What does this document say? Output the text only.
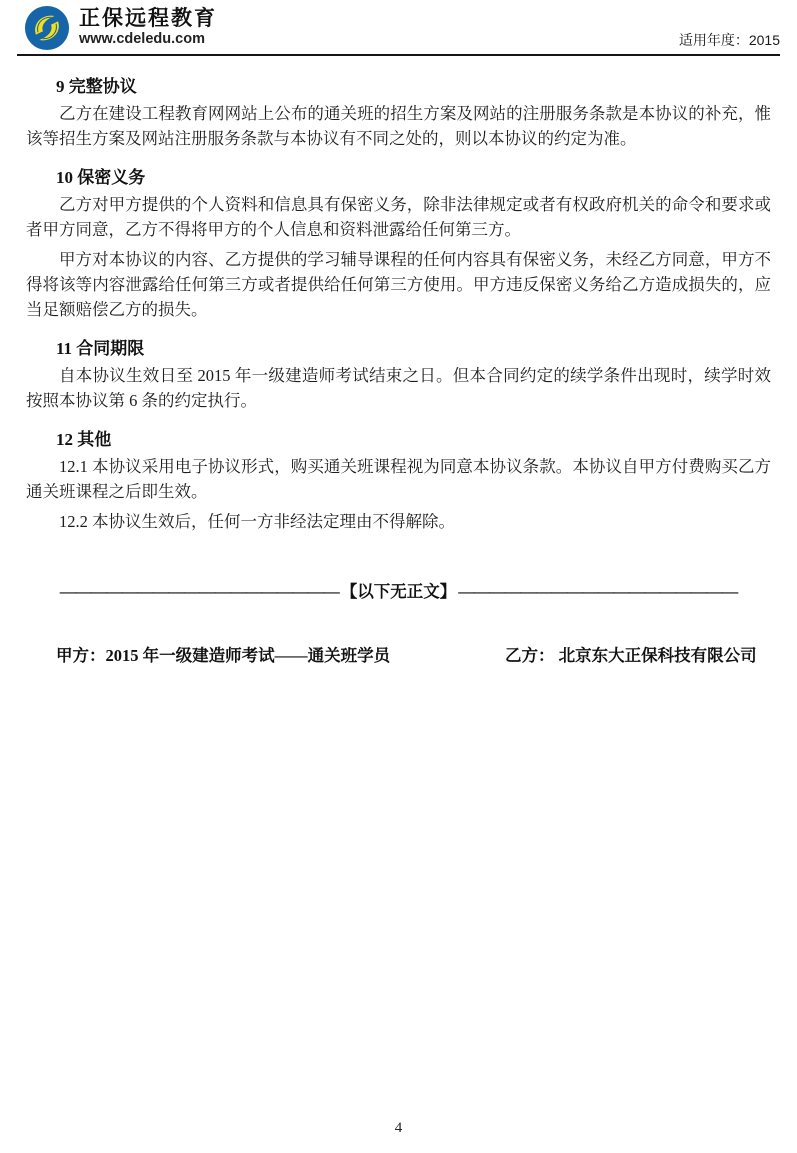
正保远程教育
www.cdeledu.com	适用年度：2015
9 完整协议

乙方在建设工程教育网网站上公布的通关班的招生方案及网站的注册服务条款是本协议的补充，惟该等招生方案及网站注册服务条款与本协议有不同之处的，则以本协议的约定为准。

10 保密义务

乙方对甲方提供的个人资料和信息具有保密义务，除非法律规定或者有权政府机关的命令和要求或者甲方同意，乙方不得将甲方的个人信息和资料泄露给任何第三方。

甲方对本协议的内容、乙方提供的学习辅导课程的任何内容具有保密义务，未经乙方同意，甲方不得将该等内容泄露给任何第三方或者提供给任何第三方使用。甲方违反保密义务给乙方造成损失的，应当足额赔偿乙方的损失。

11 合同期限

自本协议生效日至 2015 年一级建造师考试结束之日。但本合同约定的续学条件出现时，续学时效按照本协议第 6 条的约定执行。

12 其他

12.1 本协议采用电子协议形式，购买通关班课程视为同意本协议条款。本协议自甲方付费购买乙方通关班课程之后即生效。

12.2 本协议生效后，任何一方非经法定理由不得解除。

—————————————————— 【以下无正文】 ——————————————————
甲方：2015 年一级建造师考试——通关班学员	乙方： 北京东大正保科技有限公司
4
